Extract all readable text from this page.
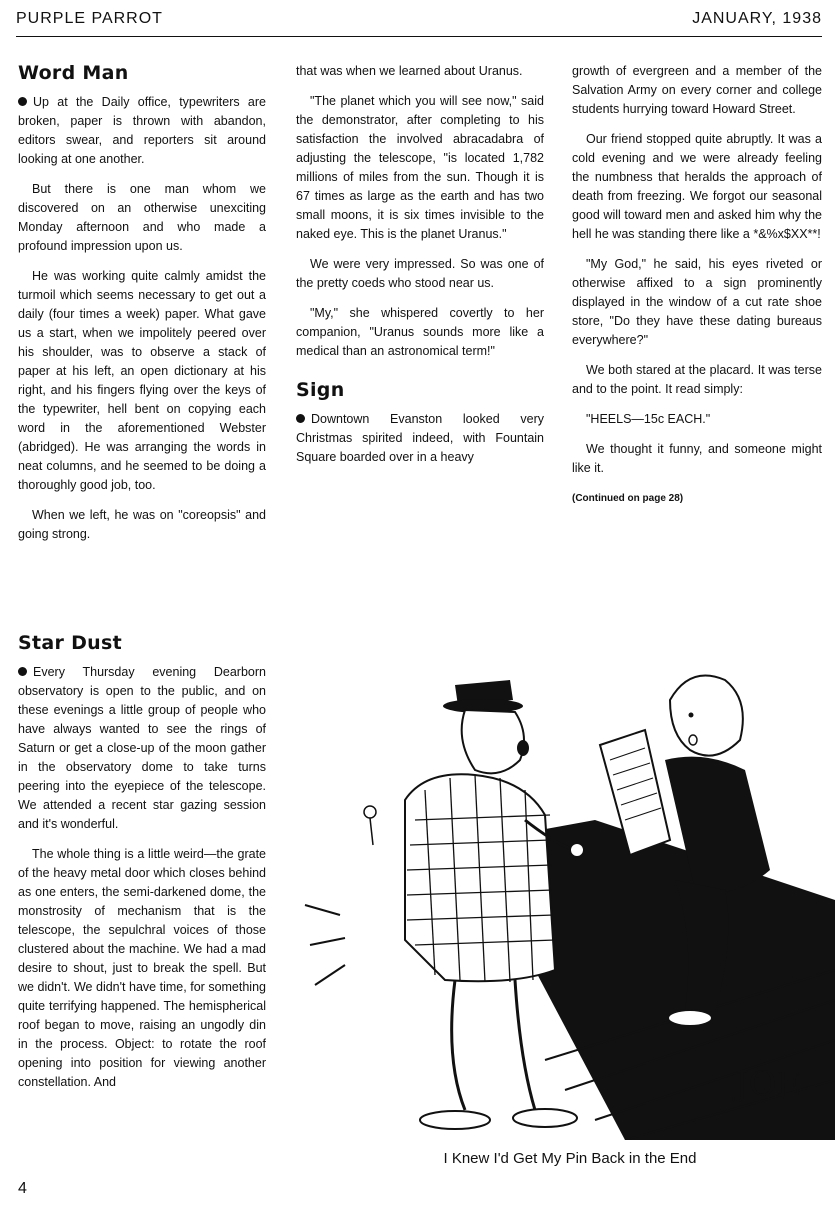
PURPLE PARROT	JANUARY, 1938
Word Man

Up at the Daily office, typewriters are broken, paper is thrown with abandon, editors swear, and reporters sit around looking at one another.

But there is one man whom we discovered on an otherwise unexciting Monday afternoon and who made a profound impression upon us.

He was working quite calmly amidst the turmoil which seems necessary to get out a daily (four times a week) paper. What gave us a start, when we impolitely peered over his shoulder, was to observe a stack of paper at his left, an open dictionary at his right, and his fingers flying over the keys of the typewriter, hell bent on copying each word in the aforementioned Webster (abridged). He was arranging the words in neat columns, and he seemed to be doing a thoroughly good job, too.

When we left, he was on "coreopsis" and going strong.

that was when we learned about Uranus.

"The planet which you will see now," said the demonstrator, after completing to his satisfaction the involved abracadabra of adjusting the telescope, "is located 1,782 millions of miles from the sun. Though it is 67 times as large as the earth and has two small moons, it is six times invisible to the naked eye. This is the planet Uranus."

We were very impressed. So was one of the pretty coeds who stood near us.

"My," she whispered covertly to her companion, "Uranus sounds more like a medical than an astronomical term!"

Sign

Downtown Evanston looked very Christmas spirited indeed, with Fountain Square boarded over in a heavy

growth of evergreen and a member of the Salvation Army on every corner and college students hurrying toward Howard Street.

Our friend stopped quite abruptly. It was a cold evening and we were already feeling the numbness that heralds the approach of death from freezing. We forgot our seasonal good will toward men and asked him why the hell he was standing there like a *&%x$XX**!

"My God," he said, his eyes riveted or otherwise affixed to a sign prominently displayed in the window of a cut rate shoe store, "Do they have these dating bureaus everywhere?"

We both stared at the placard. It was terse and to the point. It read simply:

"HEELS—15c EACH."

We thought it funny, and someone might like it.

(Continued on page 28)

Star Dust

Every Thursday evening Dearborn observatory is open to the public, and on these evenings a little group of people who have always wanted to see the rings of Saturn or get a close-up of the moon gather in the observatory dome to take turns peering into the eyepiece of the telescope. We attended a recent star gazing session and it's wonderful.

The whole thing is a little weird—the grate of the heavy metal door which closes behind as one enters, the semi-darkened dome, the monstrosity of mechanism that is the telescope, the sepulchral voices of those clustered about the machine. We had a mad desire to shout, just to break the spell. But we didn't. We didn't have time, for something quite terrifying happened. The hemispherical roof began to move, raising an ungodly din in the process. Object: to rotate the roof opening into position for viewing another constellation. And	JOE
I Knew I'd Get My Pin Back in the End
4
